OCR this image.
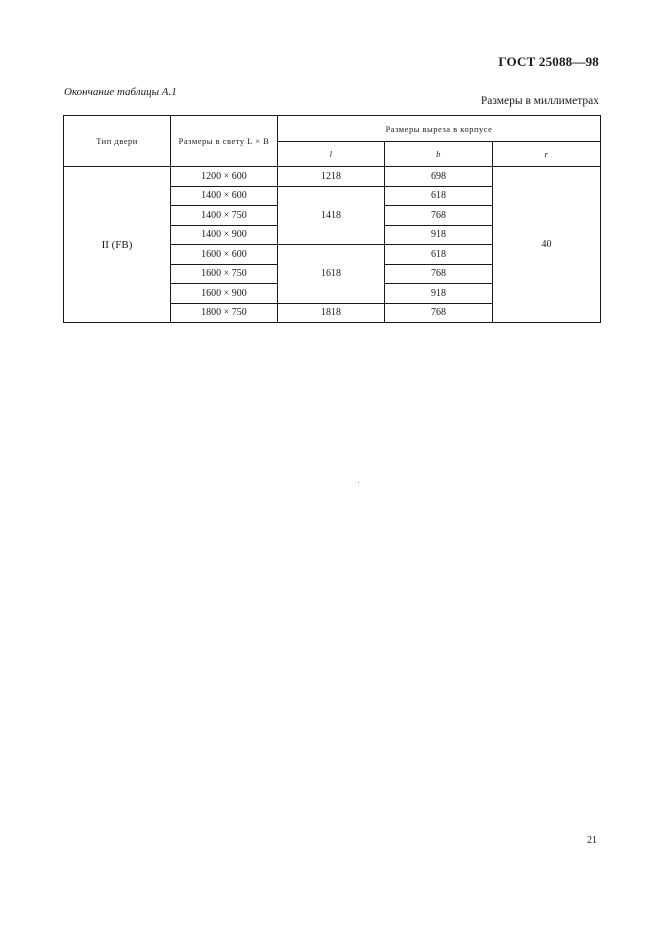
ГОСТ 25088—98
Окончание таблицы А.1
Размеры в миллиметрах
Тип двери	Размеры в свету L × B	Размеры выреза в корпусе		
		l	b	r
II (FB)	1200 × 600	1218	698	40
	1400 × 600	1418	618	
	1400 × 750		768	
	1400 × 900		918	
	1600 × 600	1618	618	
	1600 × 750		768	
	1600 × 900		918	
	1800 × 750	1818	768	
21
